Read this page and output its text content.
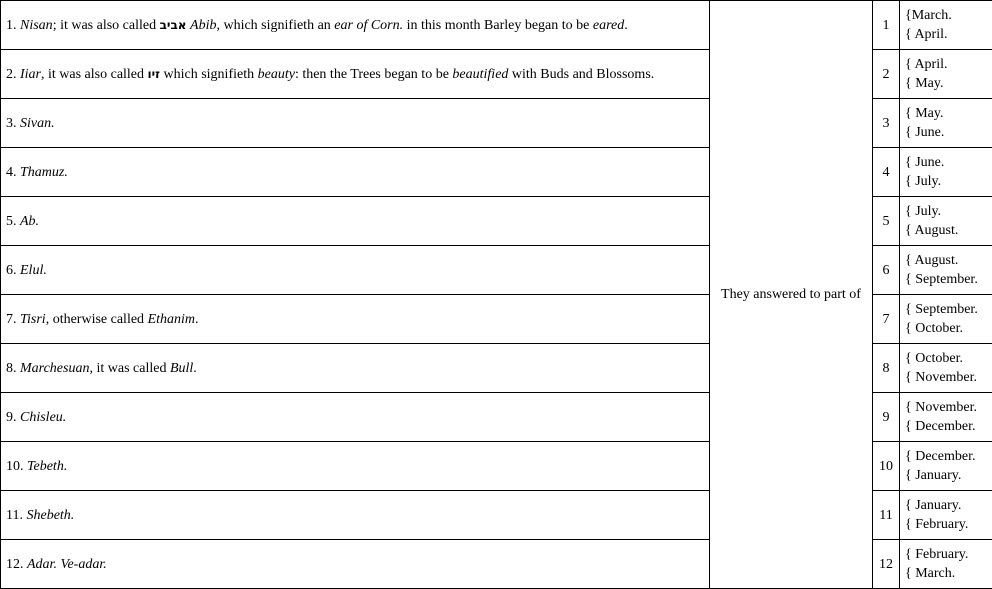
1. Nisan; it was also called אביב Abib, which signifieth an ear of Corn. in this month Barley began to be eared.	They answered to part of	1	{March.
{ April.

2. Iiar, it was also called זיו which signifieth beauty: then the Trees began to be beautified with Buds and Blossoms.		2	{ April.
{ May.

3. Sivan.		3	{ May.
{ June.

4. Thamuz.		4	{ June.
{ July.

5. Ab.		5	{ July.
{ August.

6. Elul.		6	{ August.
{ September.

7. Tisri, otherwise called Ethanim.		7	{ September.
{ October.

8. Marchesuan, it was called Bull.		8	{ October.
{ November.

9. Chisleu.		9	{ November.
{ December.

10. Tebeth.		10	{ December.
{ January.

11. Shebeth.		11	{ January.
{ February.

12. Adar. Ve-adar.		12	{ February.
{ March.
